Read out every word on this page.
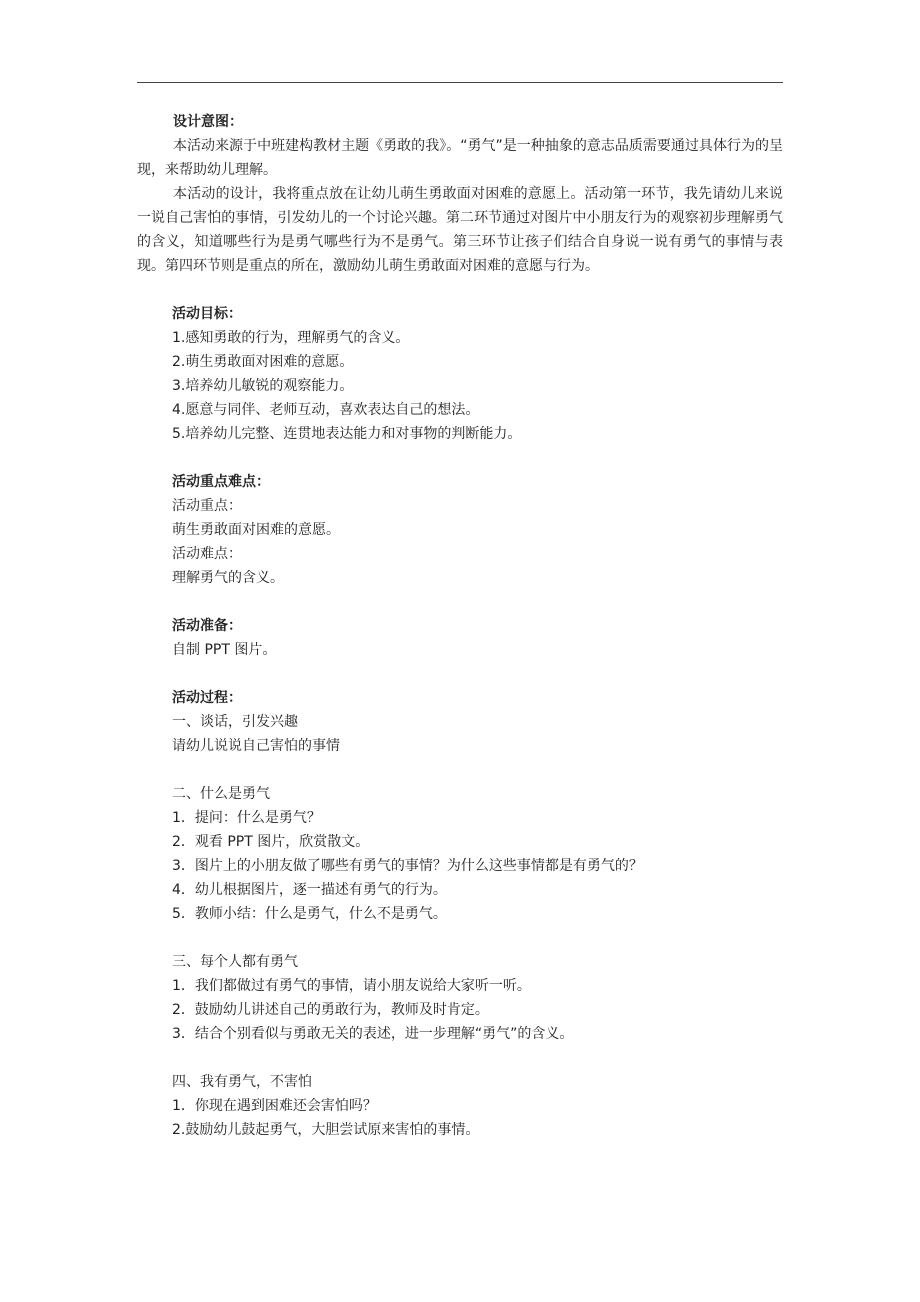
设计意图：

本活动来源于中班建构教材主题《勇敢的我》。“勇气”是一种抽象的意志品质需要通过具体行为的呈现，来帮助幼儿理解。

本活动的设计，我将重点放在让幼儿萌生勇敢面对困难的意愿上。活动第一环节，我先请幼儿来说一说自己害怕的事情，引发幼儿的一个讨论兴趣。第二环节通过对图片中小朋友行为的观察初步理解勇气的含义，知道哪些行为是勇气哪些行为不是勇气。第三环节让孩子们结合自身说一说有勇气的事情与表现。第四环节则是重点的所在，激励幼儿萌生勇敢面对困难的意愿与行为。

活动目标：
1.感知勇敢的行为，理解勇气的含义。
2.萌生勇敢面对困难的意愿。
3.培养幼儿敏锐的观察能力。
4.愿意与同伴、老师互动，喜欢表达自己的想法。
5.培养幼儿完整、连贯地表达能力和对事物的判断能力。
活动重点难点：
活动重点：
萌生勇敢面对困难的意愿。
活动难点：
理解勇气的含义。
活动准备：
自制 PPT 图片。
活动过程：
一、谈话，引发兴趣
请幼儿说说自己害怕的事情
二、什么是勇气
1．提问：什么是勇气？
2．观看 PPT 图片，欣赏散文。
3．图片上的小朋友做了哪些有勇气的事情？为什么这些事情都是有勇气的？
4．幼儿根据图片，逐一描述有勇气的行为。
5．教师小结：什么是勇气，什么不是勇气。
三、每个人都有勇气
1．我们都做过有勇气的事情，请小朋友说给大家听一听。
2．鼓励幼儿讲述自己的勇敢行为，教师及时肯定。
3．结合个别看似与勇敢无关的表述，进一步理解“勇气”的含义。
四、我有勇气，不害怕
1．你现在遇到困难还会害怕吗？
2.鼓励幼儿鼓起勇气，大胆尝试原来害怕的事情。
